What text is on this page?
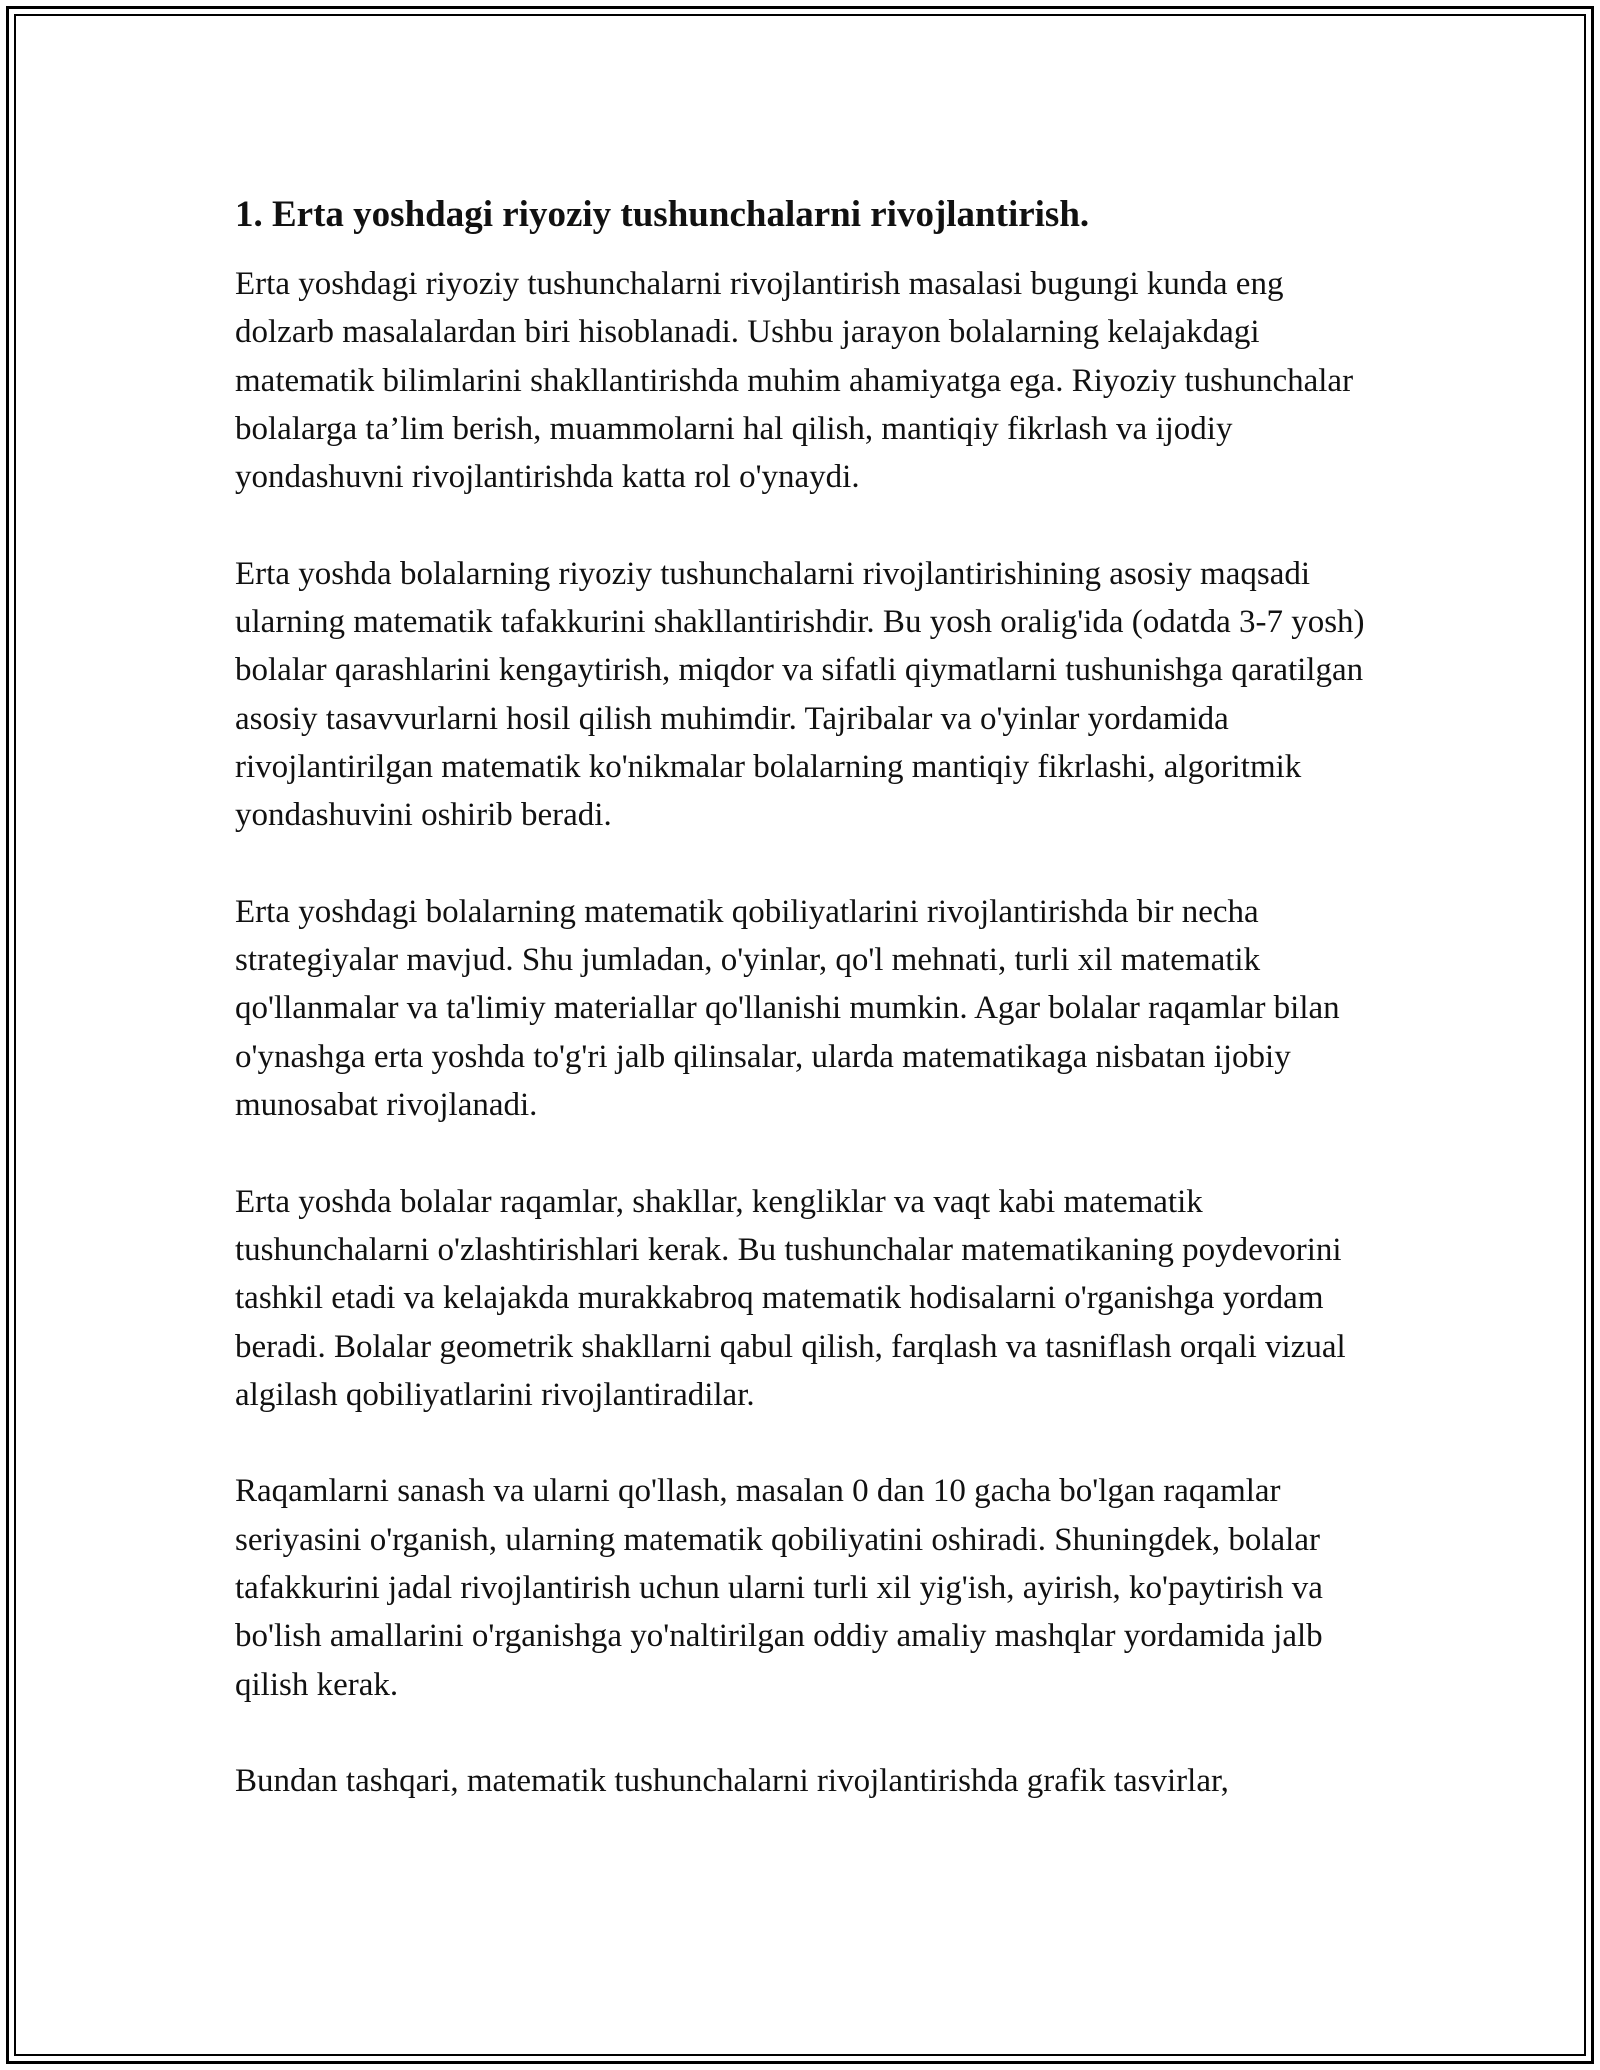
1. Erta yoshdagi riyoziy tushunchalarni rivojlantirish.

Erta yoshdagi riyoziy tushunchalarni rivojlantirish masalasi bugungi kunda eng dolzarb masalalardan biri hisoblanadi. Ushbu jarayon bolalarning kelajakdagi matematik bilimlarini shakllantirishda muhim ahamiyatga ega. Riyoziy tushunchalar bolalarga ta’lim berish, muammolarni hal qilish, mantiqiy fikrlash va ijodiy yondashuvni rivojlantirishda katta rol o'ynaydi.

Erta yoshda bolalarning riyoziy tushunchalarni rivojlantirishining asosiy maqsadi ularning matematik tafakkurini shakllantirishdir. Bu yosh oralig'ida (odatda 3-7 yosh) bolalar qarashlarini kengaytirish, miqdor va sifatli qiymatlarni tushunishga qaratilgan asosiy tasavvurlarni hosil qilish muhimdir. Tajribalar va o'yinlar yordamida rivojlantirilgan matematik ko'nikmalar bolalarning mantiqiy fikrlashi, algoritmik yondashuvini oshirib beradi.

Erta yoshdagi bolalarning matematik qobiliyatlarini rivojlantirishda bir necha strategiyalar mavjud. Shu jumladan, o'yinlar, qo'l mehnati, turli xil matematik qo'llanmalar va ta'limiy materiallar qo'llanishi mumkin. Agar bolalar raqamlar bilan o'ynashga erta yoshda to'g'ri jalb qilinsalar, ularda matematikaga nisbatan ijobiy munosabat rivojlanadi.

Erta yoshda bolalar raqamlar, shakllar, kengliklar va vaqt kabi matematik tushunchalarni o'zlashtirishlari kerak. Bu tushunchalar matematikaning poydevorini tashkil etadi va kelajakda murakkabroq matematik hodisalarni o'rganishga yordam beradi. Bolalar geometrik shakllarni qabul qilish, farqlash va tasniflash orqali vizual algilash qobiliyatlarini rivojlantiradilar.

Raqamlarni sanash va ularni qo'llash, masalan 0 dan 10 gacha bo'lgan raqamlar seriyasini o'rganish, ularning matematik qobiliyatini oshiradi. Shuningdek, bolalar tafakkurini jadal rivojlantirish uchun ularni turli xil yig'ish, ayirish, ko'paytirish va bo'lish amallarini o'rganishga yo'naltirilgan oddiy amaliy mashqlar yordamida jalb qilish kerak.

Bundan tashqari, matematik tushunchalarni rivojlantirishda grafik tasvirlar,
